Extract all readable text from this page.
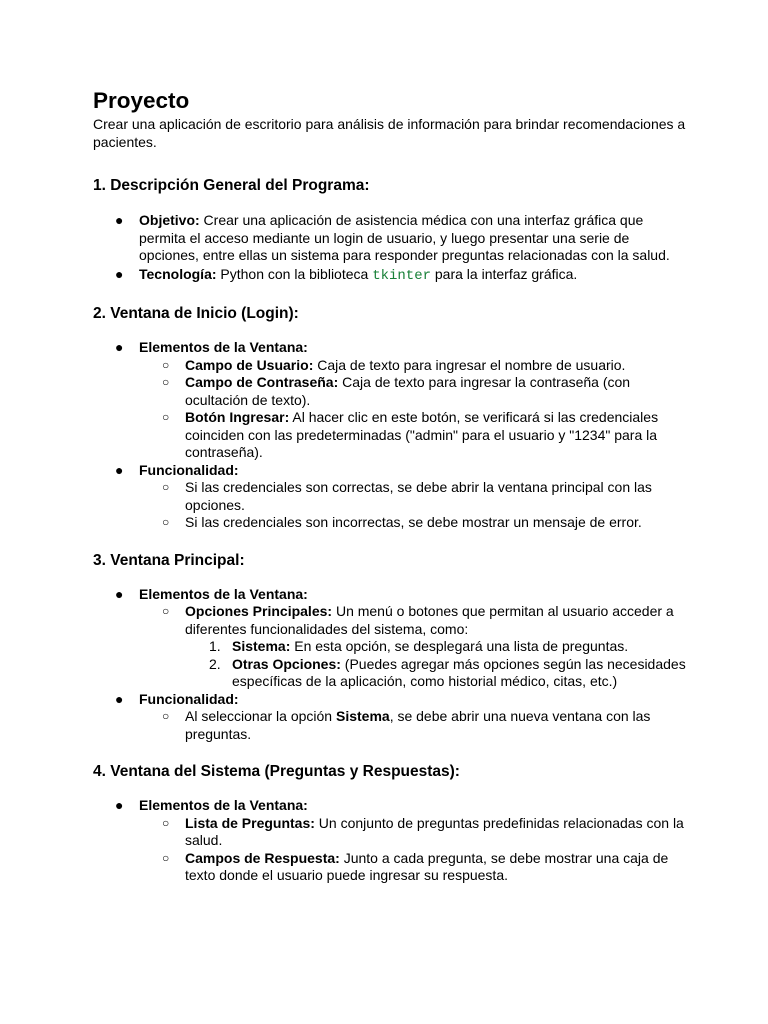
Proyecto

Crear una aplicación de escritorio para análisis de información para brindar recomendaciones a pacientes.

1. Descripción General del Programa:
● Objetivo: Crear una aplicación de asistencia médica con una interfaz gráfica que permita el acceso mediante un login de usuario, y luego presentar una serie de opciones, entre ellas un sistema para responder preguntas relacionadas con la salud.
● Tecnología: Python con la biblioteca tkinter para la interfaz gráfica.
2. Ventana de Inicio (Login):
● Elementos de la Ventana:
○ Campo de Usuario: Caja de texto para ingresar el nombre de usuario.
○ Campo de Contraseña: Caja de texto para ingresar la contraseña (con ocultación de texto).
○ Botón Ingresar: Al hacer clic en este botón, se verificará si las credenciales coinciden con las predeterminadas ("admin" para el usuario y "1234" para la contraseña).
● Funcionalidad:
○ Si las credenciales son correctas, se debe abrir la ventana principal con las opciones.
○ Si las credenciales son incorrectas, se debe mostrar un mensaje de error.
3. Ventana Principal:
● Elementos de la Ventana:
○ Opciones Principales: Un menú o botones que permitan al usuario acceder a diferentes funcionalidades del sistema, como:
1. Sistema: En esta opción, se desplegará una lista de preguntas.
2. Otras Opciones: (Puedes agregar más opciones según las necesidades específicas de la aplicación, como historial médico, citas, etc.)
● Funcionalidad:
○ Al seleccionar la opción Sistema, se debe abrir una nueva ventana con las preguntas.
4. Ventana del Sistema (Preguntas y Respuestas):
● Elementos de la Ventana:
○ Lista de Preguntas: Un conjunto de preguntas predefinidas relacionadas con la salud.
○ Campos de Respuesta: Junto a cada pregunta, se debe mostrar una caja de texto donde el usuario puede ingresar su respuesta.
